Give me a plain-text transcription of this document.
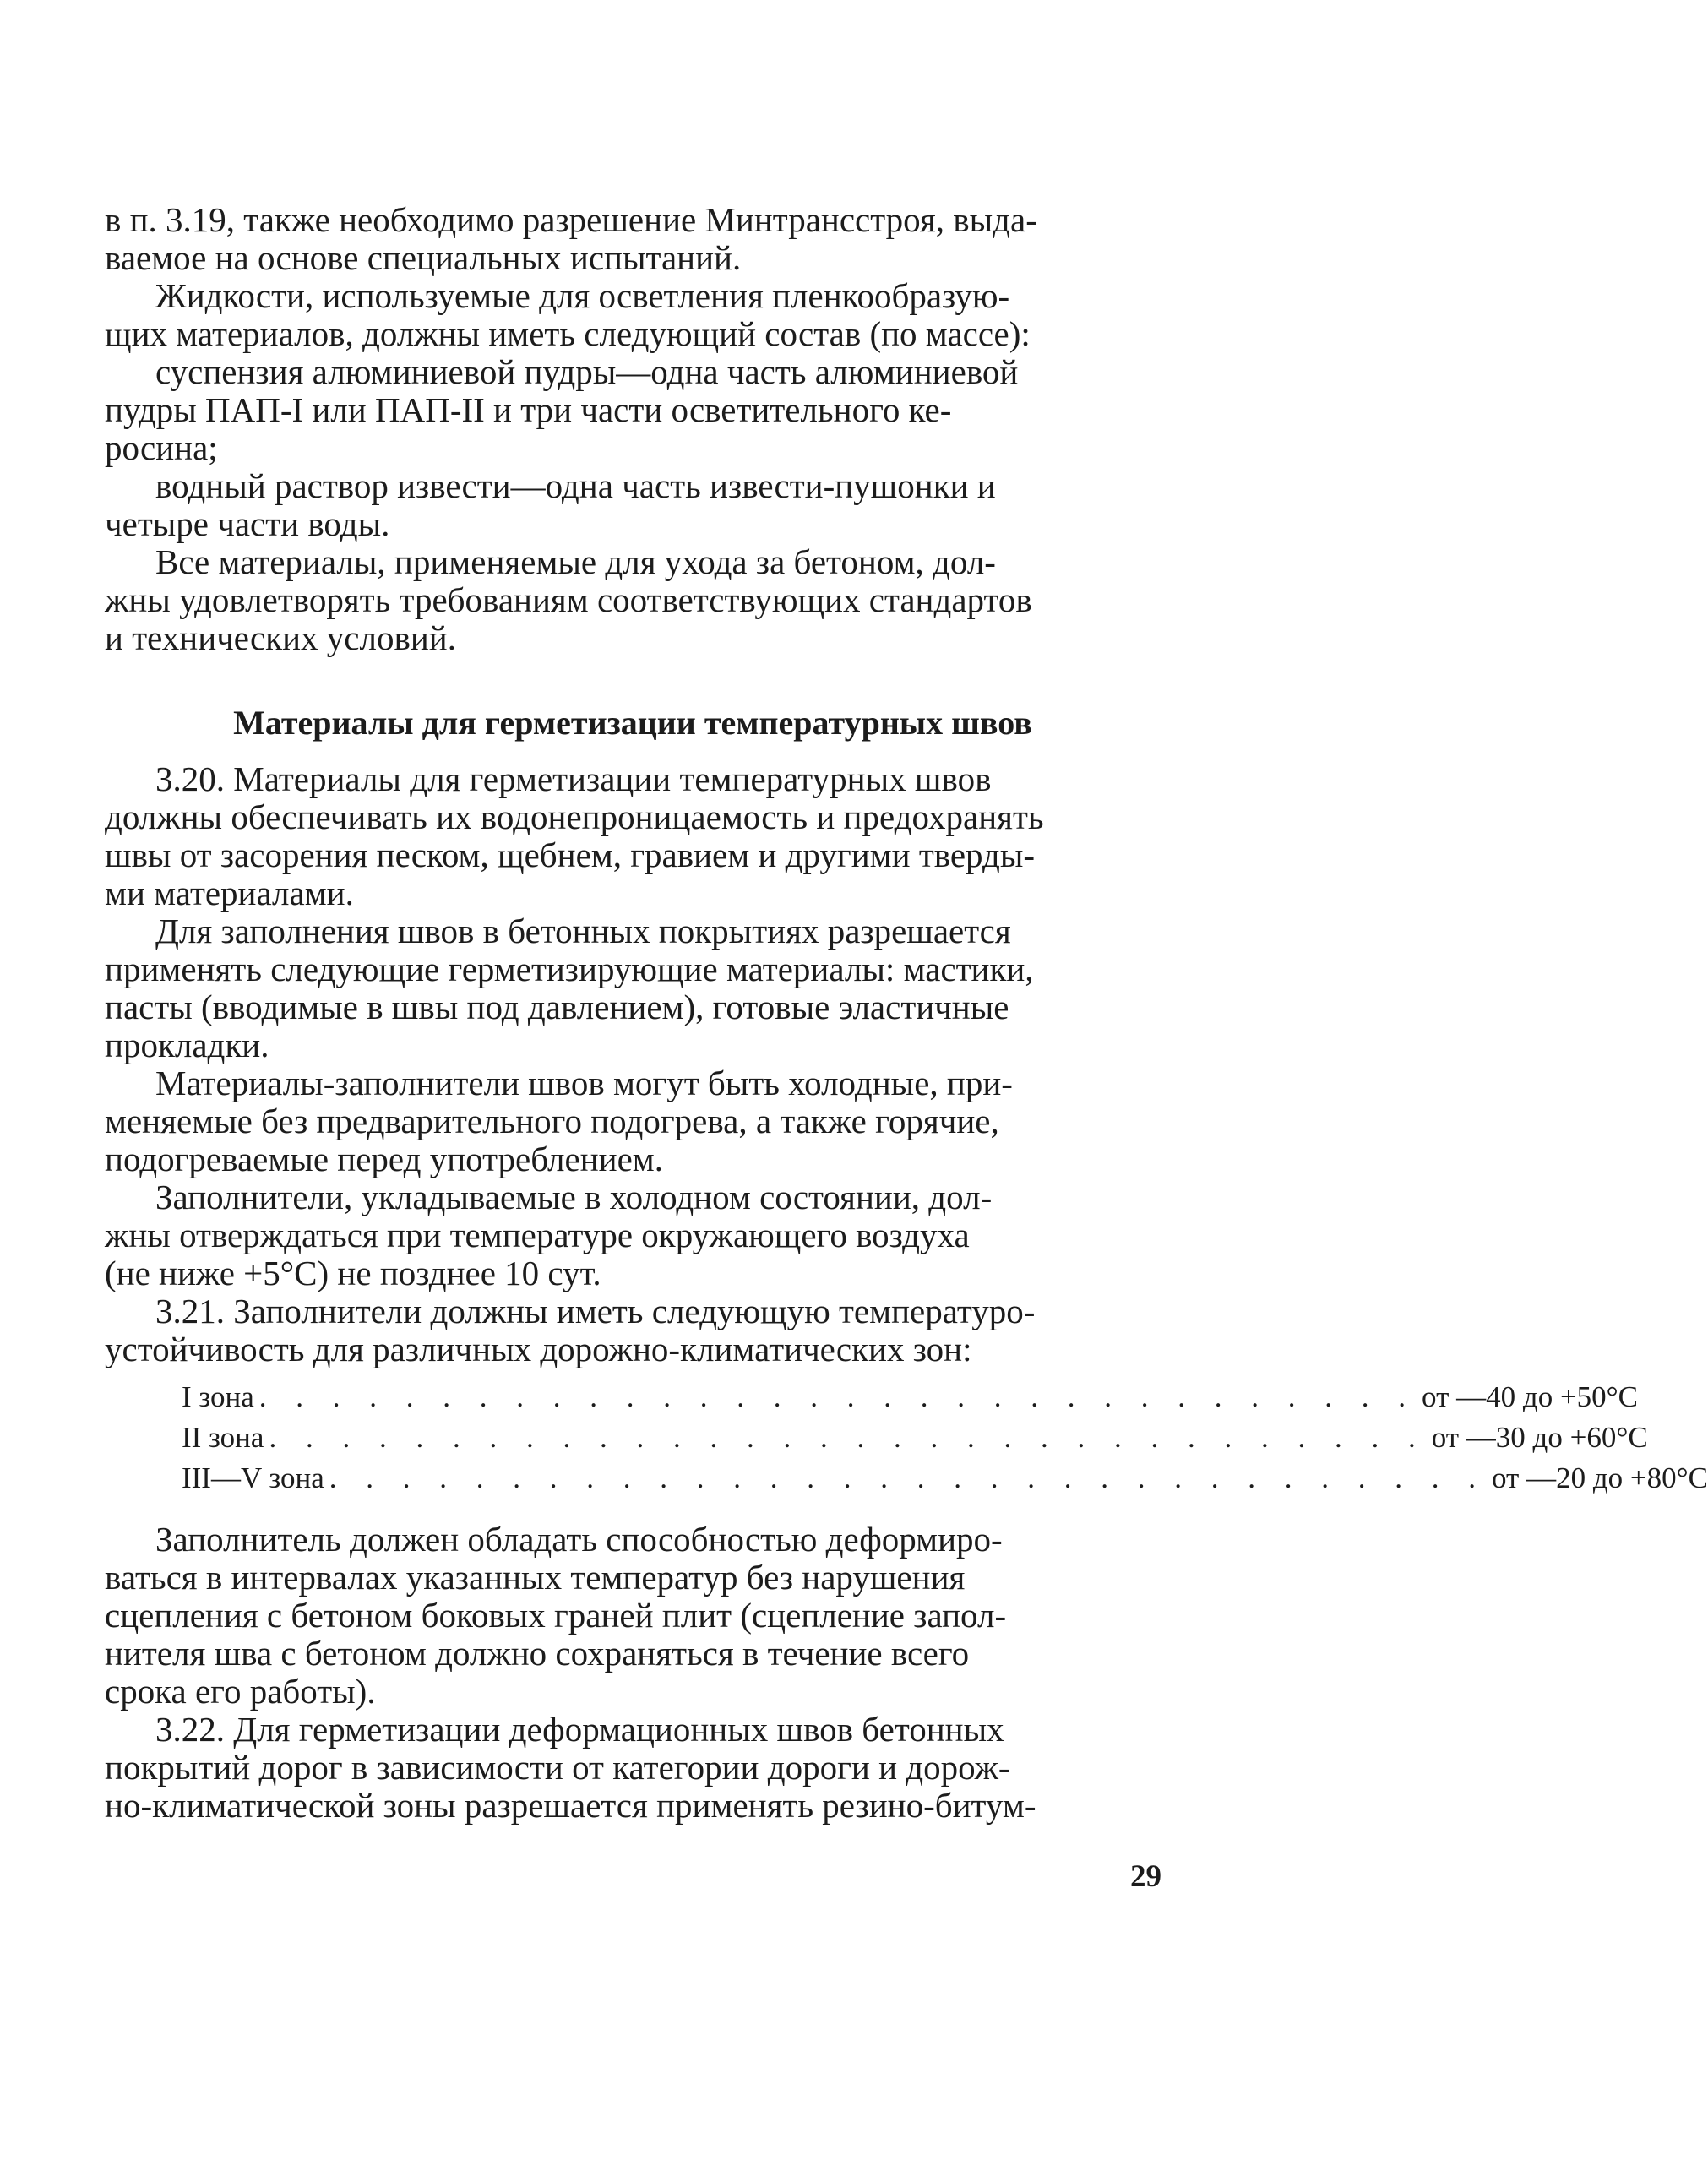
в п. 3.19, также необходимо разрешение Минтрансстроя, выда-
ваемое на основе специальных испытаний.
Жидкости, используемые для осветления пленкообразую-
щих материалов, должны иметь следующий состав (по массе):
суспензия алюминиевой пудры—одна часть алюминиевой
пудры ПАП-I или ПАП-II и три части осветительного ке-
росина;
водный раствор извести—одна часть извести-пушонки и
четыре части воды.
Все материалы, применяемые для ухода за бетоном, дол-
жны удовлетворять требованиям соответствующих стандартов
и технических условий.
Материалы для герметизации температурных швов
3.20. Материалы для герметизации температурных швов
должны обеспечивать их водонепроницаемость и предохранять
швы от засорения песком, щебнем, гравием и другими тверды-
ми материалами.
Для заполнения швов в бетонных покрытиях разрешается
применять следующие герметизирующие материалы: мастики,
пасты (вводимые в швы под давлением), готовые эластичные
прокладки.
Материалы-заполнители швов могут быть холодные, при-
меняемые без предварительного подогрева, а также горячие,
подогреваемые перед употреблением.
Заполнители, укладываемые в холодном состоянии, дол-
жны отверждаться при температуре окружающего воздуха
(не ниже +5°С) не позднее 10 сут.
3.21. Заполнители должны иметь следующую температуро-
устойчивость для различных дорожно-климатических зон:
I зона . . . . . . . . . . . . . . . . . . . . . . . . . . . . . . . . от —40 до +50°С
II зона . . . . . . . . . . . . . . . . . . . . . . . . . . . . . . . . от —30 до +60°С
III—V зона . . . . . . . . . . . . . . . . . . . . . . . . . . . . . . . . от —20 до +80°С
Заполнитель должен обладать способностью деформиро-
ваться в интервалах указанных температур без нарушения
сцепления с бетоном боковых граней плит (сцепление запол-
нителя шва с бетоном должно сохраняться в течение всего
срока его работы).
3.22. Для герметизации деформационных швов бетонных
покрытий дорог в зависимости от категории дороги и дорож-
но-климатической зоны разрешается применять резино-битум-
29
